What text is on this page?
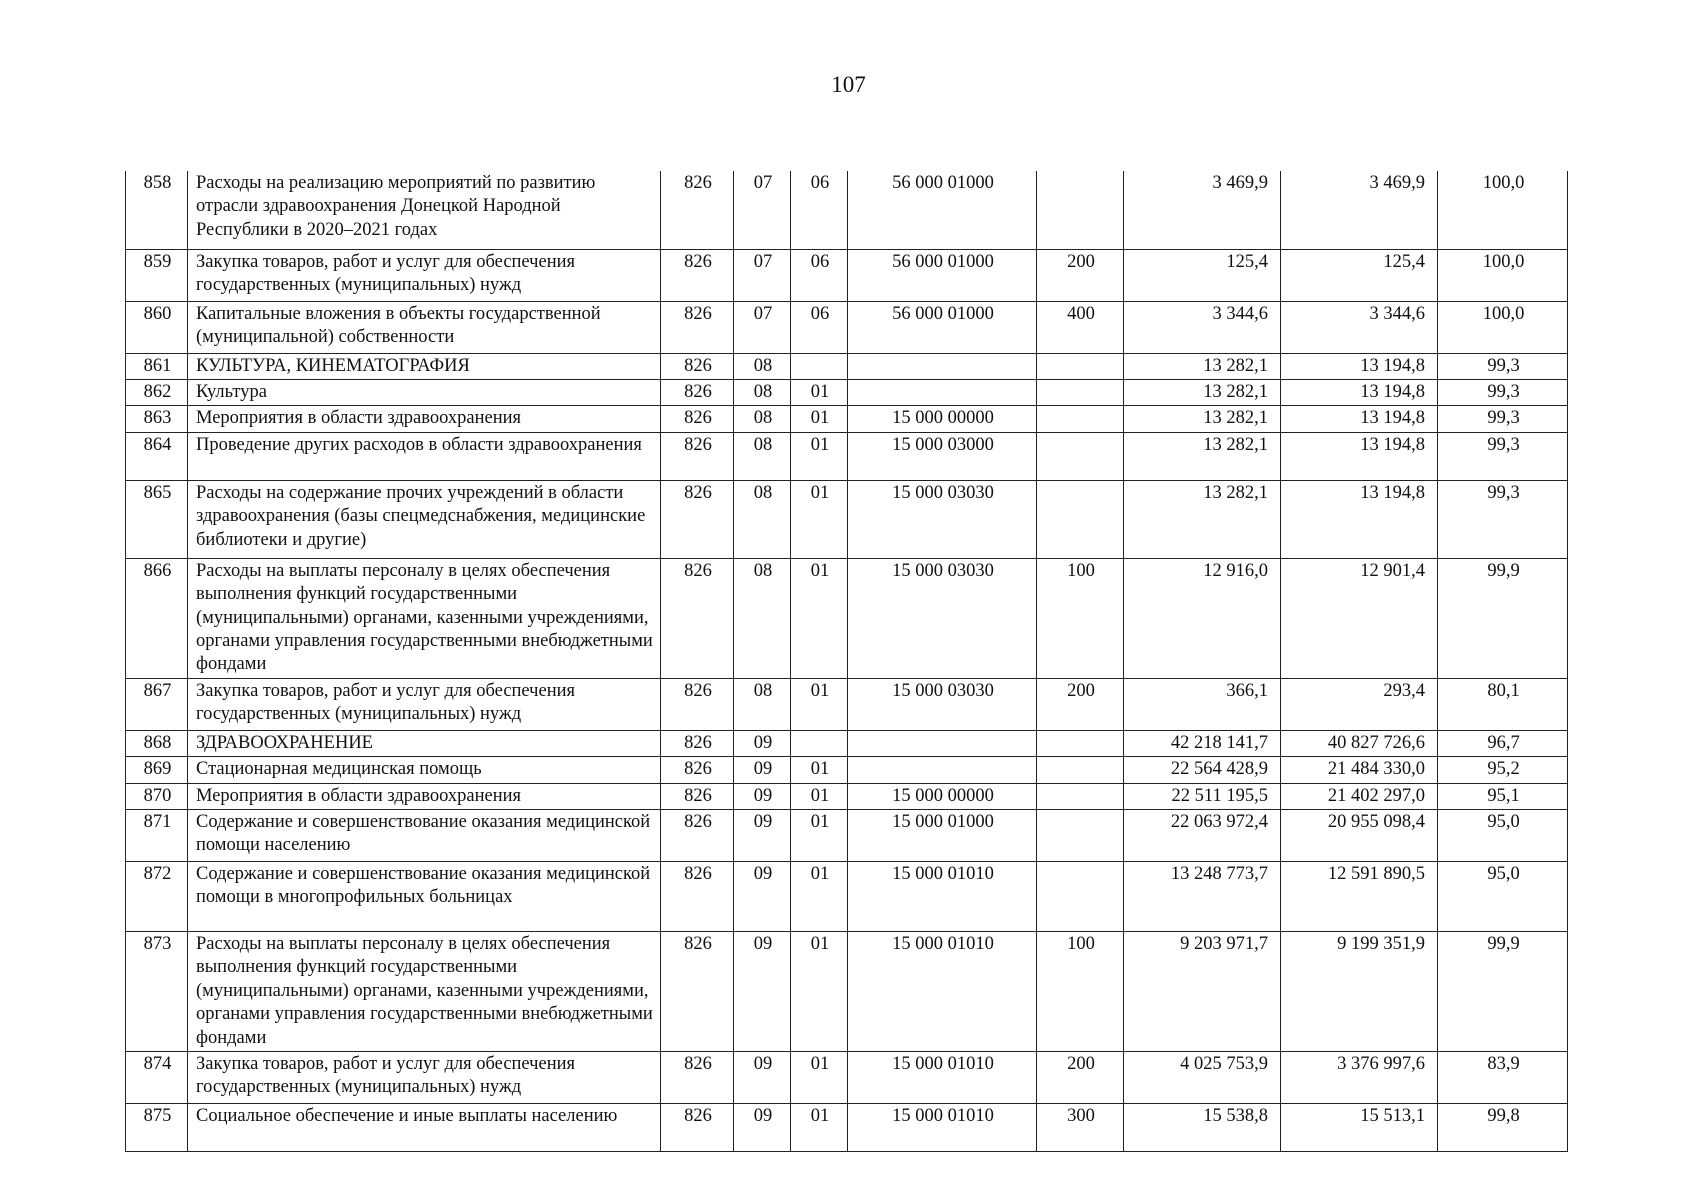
107
858	Расходы на реализацию мероприятий по развитию отрасли здравоохранения Донецкой Народной Республики в 2020–2021 годах	826	07	06	56 000 01000		3 469,9	3 469,9	100,0
859	Закупка товаров, работ и услуг для обеспечения государственных (муниципальных) нужд	826	07	06	56 000 01000	200	125,4	125,4	100,0
860	Капитальные вложения в объекты государственной (муниципальной) собственности	826	07	06	56 000 01000	400	3 344,6	3 344,6	100,0
861	КУЛЬТУРА, КИНЕМАТОГРАФИЯ	826	08				13 282,1	13 194,8	99,3
862	Культура	826	08	01			13 282,1	13 194,8	99,3
863	Мероприятия в области здравоохранения	826	08	01	15 000 00000		13 282,1	13 194,8	99,3
864	Проведение других расходов в области здравоохранения	826	08	01	15 000 03000		13 282,1	13 194,8	99,3
865	Расходы на содержание прочих учреждений в области здравоохранения (базы спецмедснабжения, медицинские библиотеки и другие)	826	08	01	15 000 03030		13 282,1	13 194,8	99,3
866	Расходы на выплаты персоналу в целях обеспечения выполнения функций государственными (муниципальными) органами, казенными учреждениями, органами управления государственными внебюджетными фондами	826	08	01	15 000 03030	100	12 916,0	12 901,4	99,9
867	Закупка товаров, работ и услуг для обеспечения государственных (муниципальных) нужд	826	08	01	15 000 03030	200	366,1	293,4	80,1
868	ЗДРАВООХРАНЕНИЕ	826	09				42 218 141,7	40 827 726,6	96,7
869	Стационарная медицинская помощь	826	09	01			22 564 428,9	21 484 330,0	95,2
870	Мероприятия в области здравоохранения	826	09	01	15 000 00000		22 511 195,5	21 402 297,0	95,1
871	Содержание и совершенствование оказания медицинской помощи населению	826	09	01	15 000 01000		22 063 972,4	20 955 098,4	95,0
872	Содержание и совершенствование оказания медицинской помощи в многопрофильных больницах	826	09	01	15 000 01010		13 248 773,7	12 591 890,5	95,0
873	Расходы на выплаты персоналу в целях обеспечения выполнения функций государственными (муниципальными) органами, казенными учреждениями, органами управления государственными внебюджетными фондами	826	09	01	15 000 01010	100	9 203 971,7	9 199 351,9	99,9
874	Закупка товаров, работ и услуг для обеспечения государственных (муниципальных) нужд	826	09	01	15 000 01010	200	4 025 753,9	3 376 997,6	83,9
875	Социальное обеспечение и иные выплаты населению	826	09	01	15 000 01010	300	15 538,8	15 513,1	99,8
